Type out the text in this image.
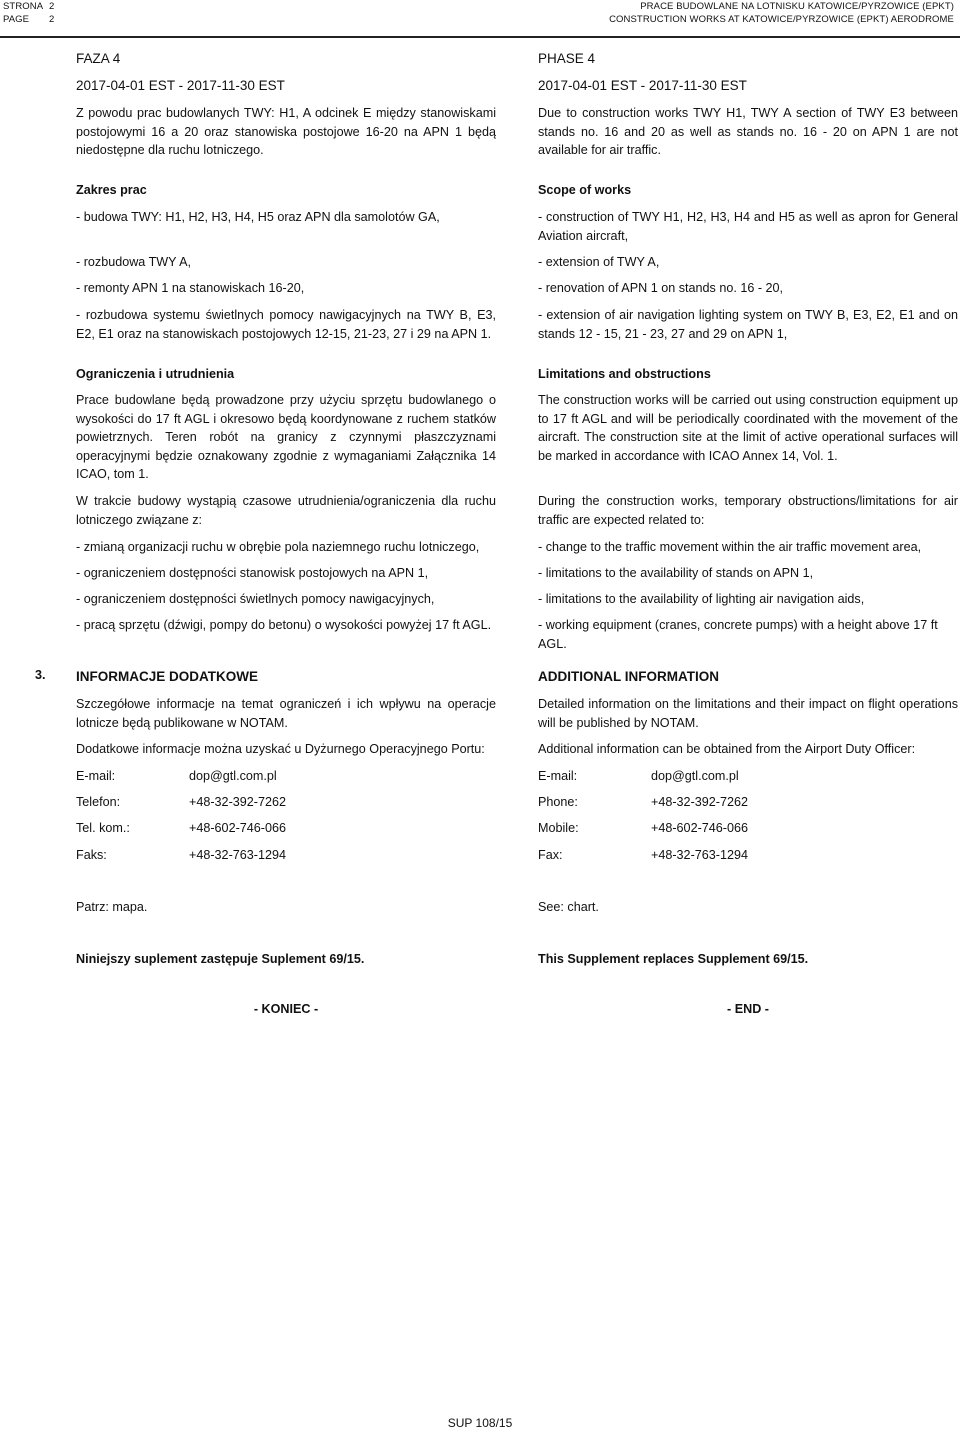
STRONA 2
PAGE 2
PRACE BUDOWLANE NA LOTNISKU KATOWICE/PYRZOWICE (EPKT)
CONSTRUCTION WORKS AT KATOWICE/PYRZOWICE (EPKT) AERODROME

FAZA 4

2017-04-01 EST - 2017-11-30 EST

Z powodu prac budowlanych TWY: H1, A odcinek E między stanowiskami postojowymi 16 a 20 oraz stanowiska postojowe 16-20 na APN 1 będą niedostępne dla ruchu lotniczego.

Zakres prac

- budowa TWY: H1, H2, H3, H4, H5 oraz APN dla samolotów GA,

- rozbudowa TWY A,

- remonty APN 1 na stanowiskach 16-20,

- rozbudowa systemu świetlnych pomocy nawigacyjnych na TWY B, E3, E2, E1 oraz na stanowiskach postojowych 12-15, 21-23, 27 i 29 na APN 1.

Ograniczenia i utrudnienia

Prace budowlane będą prowadzone przy użyciu sprzętu budowlanego o wysokości do 17 ft AGL i okresowo będą koordynowane z ruchem statków powietrznych. Teren robót na granicy z czynnymi płaszczyznami operacyjnymi będzie oznakowany zgodnie z wymaganiami Załącznika 14 ICAO, tom 1.

W trakcie budowy wystąpią czasowe utrudnienia/ograniczenia dla ruchu lotniczego związane z:

- zmianą organizacji ruchu w obrębie pola naziemnego ruchu lotniczego,

- ograniczeniem dostępności stanowisk postojowych na APN 1,

- ograniczeniem dostępności świetlnych pomocy nawigacyjnych,

- pracą sprzętu (dźwigi, pompy do betonu) o wysokości powyżej 17 ft AGL.

INFORMACJE DODATKOWE

Szczegółowe informacje na temat ograniczeń i ich wpływu na operacje lotnicze będą publikowane w NOTAM.

Dodatkowe informacje można uzyskać u Dyżurnego Operacyjnego Portu:

E-mail:	dop@gtl.com.pl
Telefon:	+48-32-392-7262
Tel. kom.:	+48-602-746-066
Faks:	+48-32-763-1294

Patrz: mapa.

Niniejszy suplement zastępuje Suplement 69/15.

3.

PHASE 4

2017-04-01 EST - 2017-11-30 EST

Due to construction works TWY H1, TWY A section of TWY E3 between stands no. 16 and 20 as well as stands no. 16 - 20 on APN 1 are not available for air traffic.

Scope of works

- construction of TWY H1, H2, H3, H4 and H5 as well as apron for General Aviation aircraft,

- extension of TWY A,

- renovation of APN 1 on stands no. 16 - 20,

- extension of air navigation lighting system on TWY B, E3, E2, E1 and on stands 12 - 15, 21 - 23, 27 and 29 on APN 1,

Limitations and obstructions

The construction works will be carried out using construction equipment up to 17 ft AGL and will be periodically coordinated with the movement of the aircraft. The construction site at the limit of active operational surfaces will be marked in accordance with ICAO Annex 14, Vol. 1.

During the construction works, temporary obstructions/limitations for air traffic are expected related to:

- change to the traffic movement within the air traffic movement area,

- limitations to the availability of stands on APN 1,

- limitations to the availability of lighting air navigation aids,

- working equipment (cranes, concrete pumps) with a height above 17 ft AGL.

ADDITIONAL INFORMATION

Detailed information on the limitations and their impact on flight operations will be published by NOTAM.

Additional information can be obtained from the Airport Duty Officer:

E-mail:	dop@gtl.com.pl
Phone:	+48-32-392-7262
Mobile:	+48-602-746-066
Fax:	+48-32-763-1294

See: chart.

This Supplement replaces Supplement 69/15.

- KONIEC -	- END -
SUP 108/15
